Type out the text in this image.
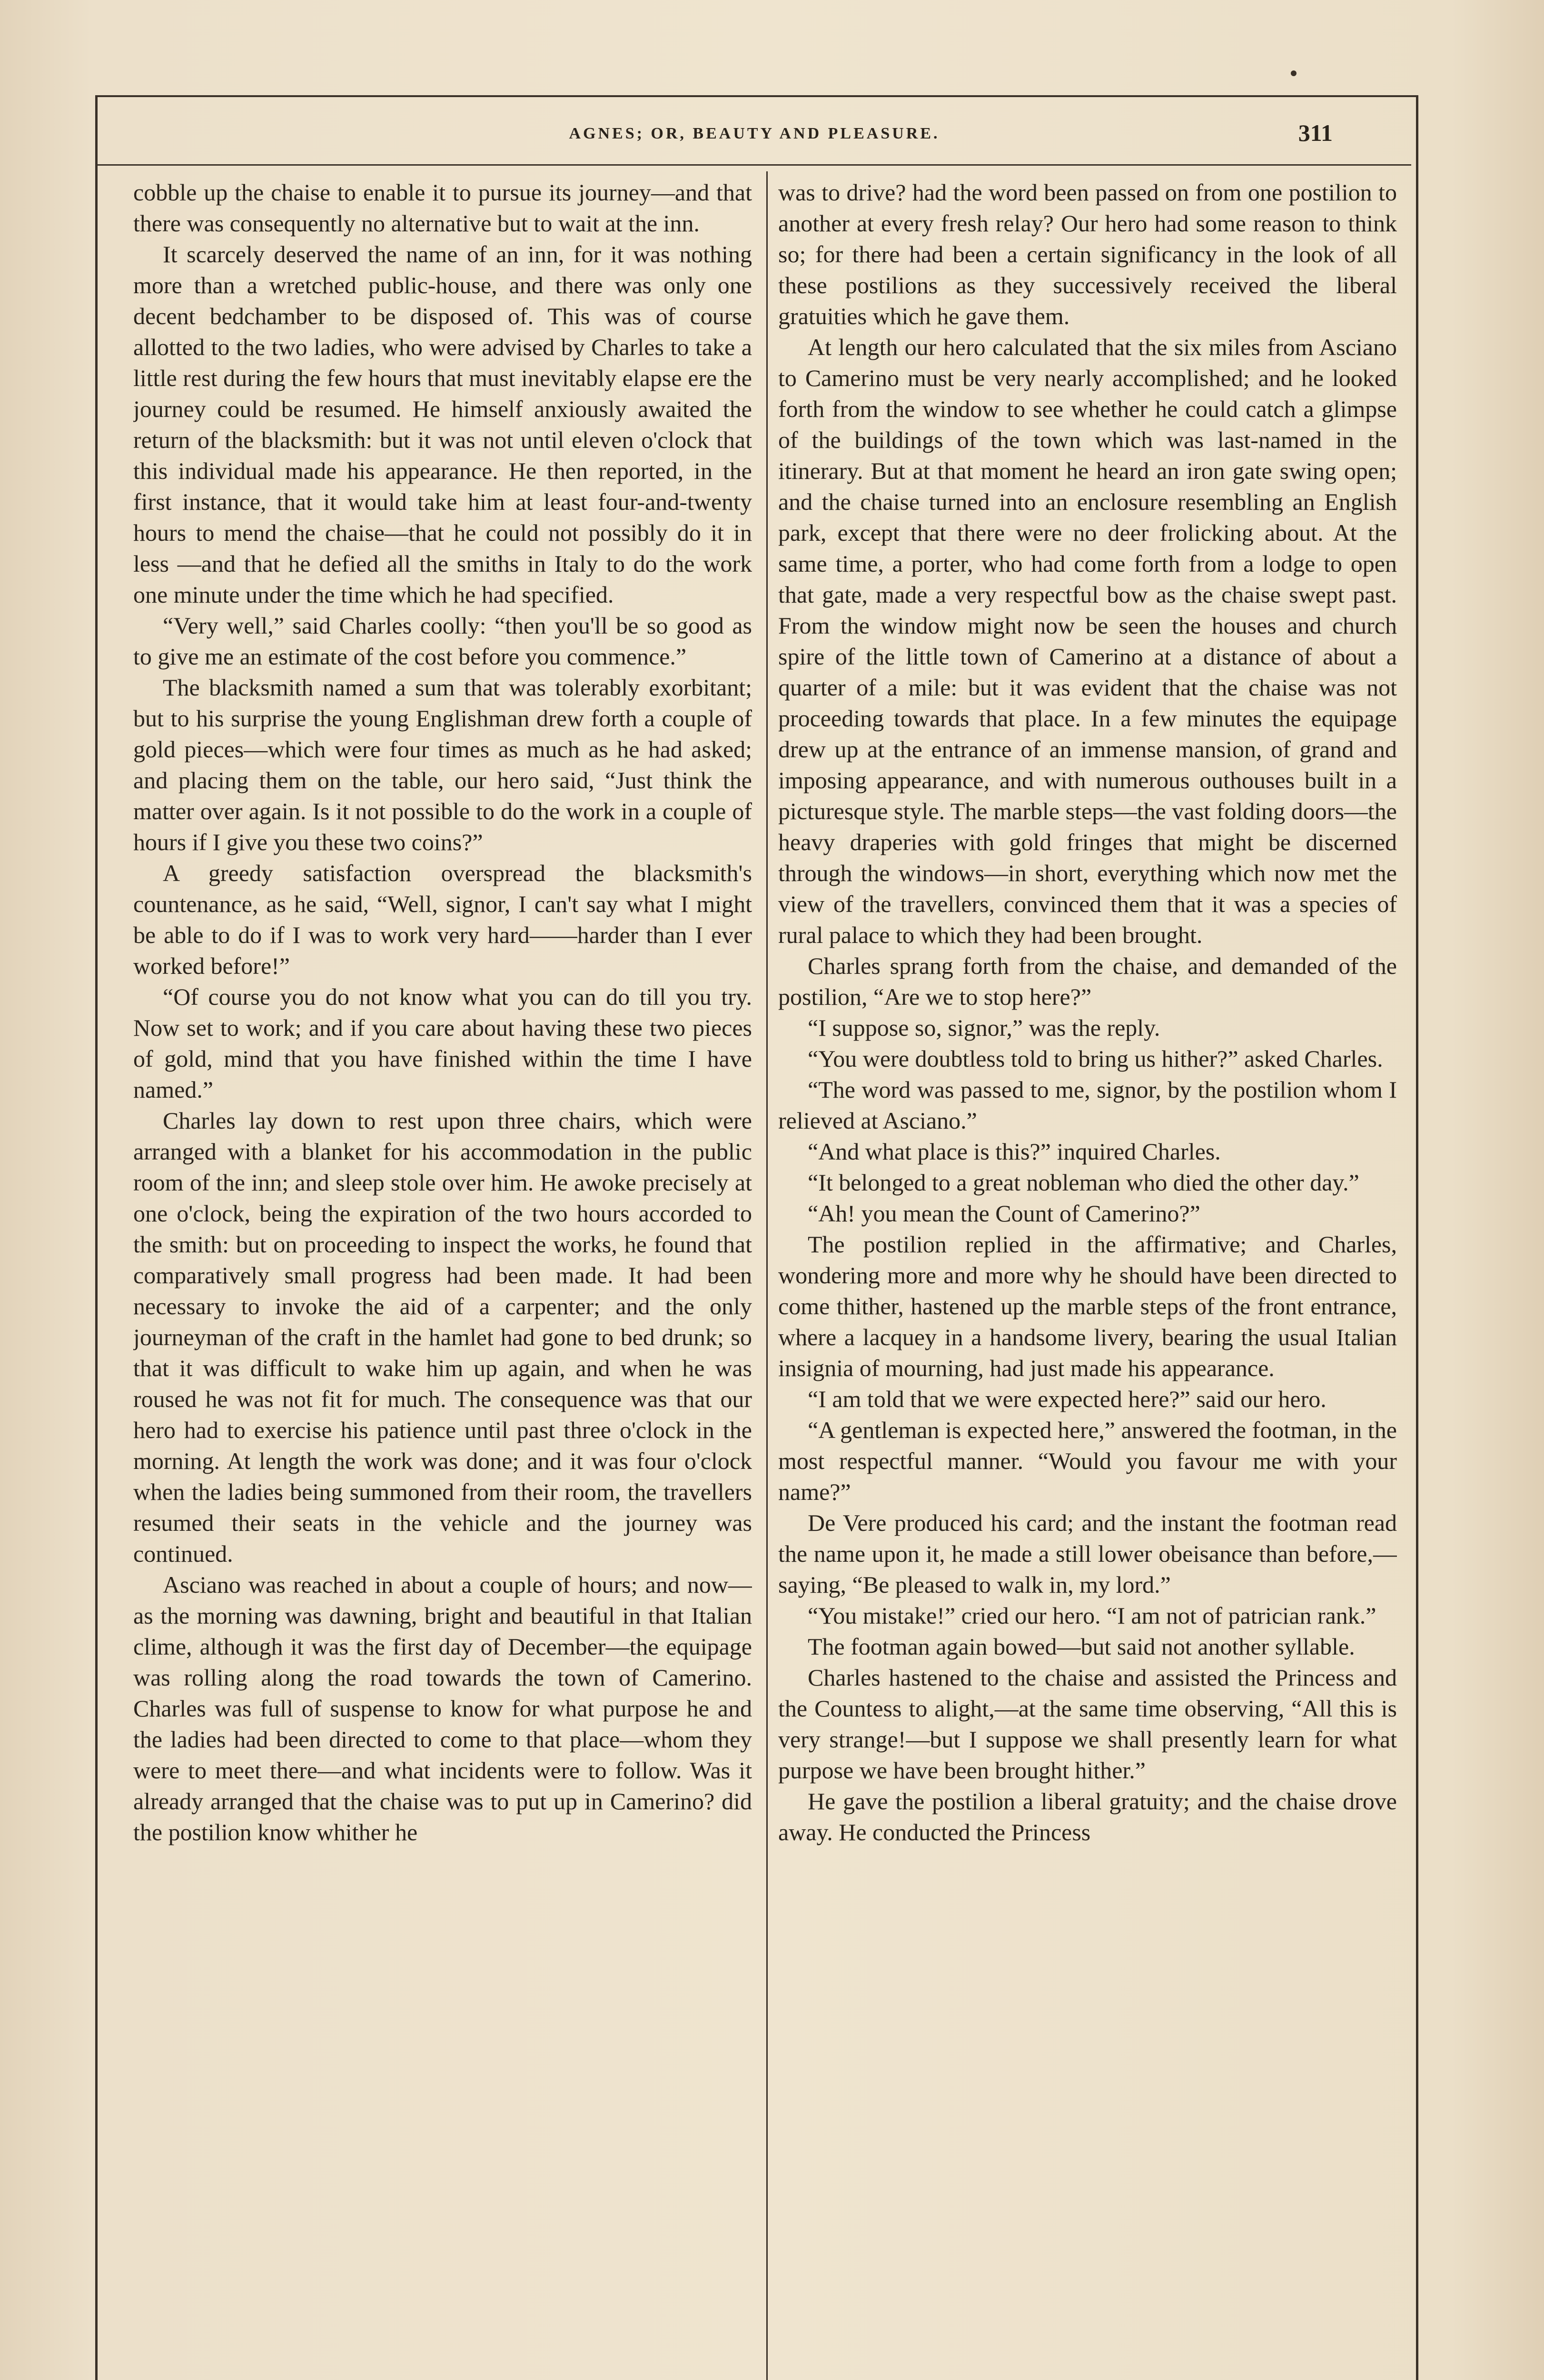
AGNES; OR, BEAUTY AND PLEASURE.	311

cobble up the chaise to enable it to pursue its journey—and that there was consequently no alternative but to wait at the inn.

It scarcely deserved the name of an inn, for it was nothing more than a wretched public-house, and there was only one decent bedchamber to be disposed of. This was of course allotted to the two ladies, who were advised by Charles to take a little rest during the few hours that must inevitably elapse ere the journey could be resumed. He himself anxiously awaited the return of the blacksmith: but it was not until eleven o'clock that this individual made his appearance. He then reported, in the first instance, that it would take him at least four-and-twenty hours to mend the chaise—that he could not possibly do it in less —and that he defied all the smiths in Italy to do the work one minute under the time which he had specified.

“Very well,” said Charles coolly: “then you'll be so good as to give me an estimate of the cost before you commence.”

The blacksmith named a sum that was tolerably exorbitant; but to his surprise the young Englishman drew forth a couple of gold pieces—which were four times as much as he had asked; and placing them on the table, our hero said, “Just think the matter over again. Is it not possible to do the work in a couple of hours if I give you these two coins?”

A greedy satisfaction overspread the blacksmith's countenance, as he said, “Well, signor, I can't say what I might be able to do if I was to work very hard——harder than I ever worked before!”

“Of course you do not know what you can do till you try. Now set to work; and if you care about having these two pieces of gold, mind that you have finished within the time I have named.”

Charles lay down to rest upon three chairs, which were arranged with a blanket for his accommodation in the public room of the inn; and sleep stole over him. He awoke precisely at one o'clock, being the expiration of the two hours accorded to the smith: but on proceeding to inspect the works, he found that comparatively small progress had been made. It had been necessary to invoke the aid of a carpenter; and the only journeyman of the craft in the hamlet had gone to bed drunk; so that it was difficult to wake him up again, and when he was roused he was not fit for much. The consequence was that our hero had to exercise his patience until past three o'clock in the morning. At length the work was done; and it was four o'clock when the ladies being summoned from their room, the travellers resumed their seats in the vehicle and the journey was continued.

Asciano was reached in about a couple of hours; and now—as the morning was dawning, bright and beautiful in that Italian clime, although it was the first day of December—the equipage was rolling along the road towards the town of Camerino. Charles was full of suspense to know for what purpose he and the ladies had been directed to come to that place—whom they were to meet there—and what incidents were to follow. Was it already arranged that the chaise was to put up in Camerino? did the postilion know whither he

was to drive? had the word been passed on from one postilion to another at every fresh relay? Our hero had some reason to think so; for there had been a certain significancy in the look of all these postilions as they successively received the liberal gratuities which he gave them.

At length our hero calculated that the six miles from Asciano to Camerino must be very nearly accomplished; and he looked forth from the window to see whether he could catch a glimpse of the buildings of the town which was last-named in the itinerary. But at that moment he heard an iron gate swing open; and the chaise turned into an enclosure resembling an English park, except that there were no deer frolicking about. At the same time, a porter, who had come forth from a lodge to open that gate, made a very respectful bow as the chaise swept past. From the window might now be seen the houses and church spire of the little town of Camerino at a distance of about a quarter of a mile: but it was evident that the chaise was not proceeding towards that place. In a few minutes the equipage drew up at the entrance of an immense mansion, of grand and imposing appearance, and with numerous outhouses built in a picturesque style. The marble steps—the vast folding doors—the heavy draperies with gold fringes that might be discerned through the windows—in short, everything which now met the view of the travellers, convinced them that it was a species of rural palace to which they had been brought.

Charles sprang forth from the chaise, and demanded of the postilion, “Are we to stop here?”

“I suppose so, signor,” was the reply.

“You were doubtless told to bring us hither?” asked Charles.

“The word was passed to me, signor, by the postilion whom I relieved at Asciano.”

“And what place is this?” inquired Charles.

“It belonged to a great nobleman who died the other day.”

“Ah! you mean the Count of Camerino?”

The postilion replied in the affirmative; and Charles, wondering more and more why he should have been directed to come thither, hastened up the marble steps of the front entrance, where a lacquey in a handsome livery, bearing the usual Italian insignia of mourning, had just made his appearance.

“I am told that we were expected here?” said our hero.

“A gentleman is expected here,” answered the footman, in the most respectful manner. “Would you favour me with your name?”

De Vere produced his card; and the instant the footman read the name upon it, he made a still lower obeisance than before,—saying, “Be pleased to walk in, my lord.”

“You mistake!” cried our hero. “I am not of patrician rank.”

The footman again bowed—but said not another syllable.

Charles hastened to the chaise and assisted the Princess and the Countess to alight,—at the same time observing, “All this is very strange!—but I suppose we shall presently learn for what purpose we have been brought hither.”

He gave the postilion a liberal gratuity; and the chaise drove away. He conducted the Princess
